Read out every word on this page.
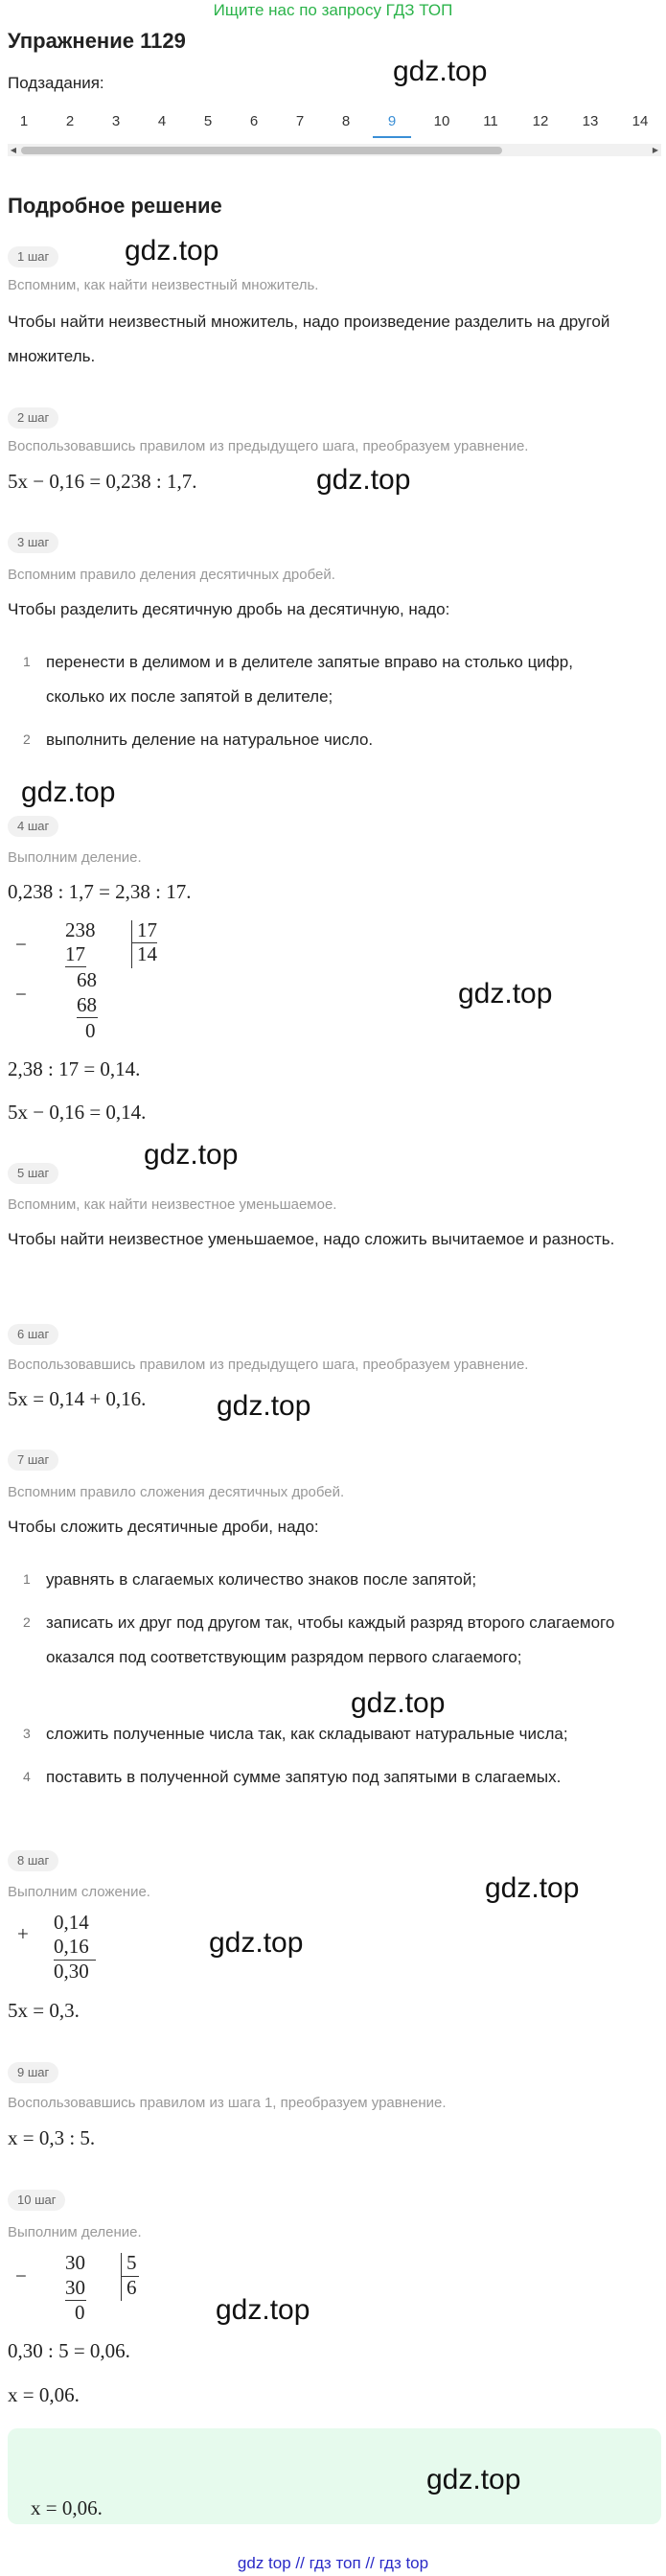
Ищите нас по запросу ГДЗ ТОП
Упражнение 1129
gdz.top
Подзадания:
1	2	3	4	5	6	7	8	9	10	11	12	13	14
◀	▶
Подробное решение
1 шаг	gdz.top
Вспомним, как найти неизвестный множитель.
Чтобы найти неизвестный множитель, надо произведение разделить на другой множитель.
2 шаг
Воспользовавшись правилом из предыдущего шага, преобразуем уравнение.
5x − 0,16 = 0,238 : 1,7.	gdz.top
3 шаг
Вспомним правило деления десятичных дробей.
Чтобы разделить десятичную дробь на десятичную, надо:
1 перенести в делимом и в делителе запятые вправо на столько цифр, сколько их после запятой в делителе;
2 выполнить деление на натуральное число.
gdz.top
4 шаг
Выполним деление.
0,238 : 1,7 = 2,38 : 17.
−
238
17
17
14
−
68
68
0
gdz.top
2,38 : 17 = 0,14.
5x − 0,16 = 0,14.
gdz.top
5 шаг
Вспомним, как найти неизвестное уменьшаемое.
Чтобы найти неизвестное уменьшаемое, надо сложить вычитаемое и разность.
6 шаг
Воспользовавшись правилом из предыдущего шага, преобразуем уравнение.
5x = 0,14 + 0,16. gdz.top
7 шаг
Вспомним правило сложения десятичных дробей.
Чтобы сложить десятичные дроби, надо:
1 уравнять в слагаемых количество знаков после запятой;
2 записать их друг под другом так, чтобы каждый разряд второго слагаемого оказался под соответствующим разрядом первого слагаемого;
gdz.top
3 сложить полученные числа так, как складывают натуральные числа;
4 поставить в полученной сумме запятую под запятыми в слагаемых.
8 шаг
gdz.top
Выполним сложение.
+ 0,14
0,16
0,30
gdz.top
5x = 0,3.
9 шаг
Воспользовавшись правилом из шага 1, преобразуем уравнение.
x = 0,3 : 5.
10 шаг
Выполним деление.
−
30
30
0
5
6
gdz.top
0,30 : 5 = 0,06.
x = 0,06.
gdz.top
x = 0,06.
gdz top // гдз топ // гдз top
